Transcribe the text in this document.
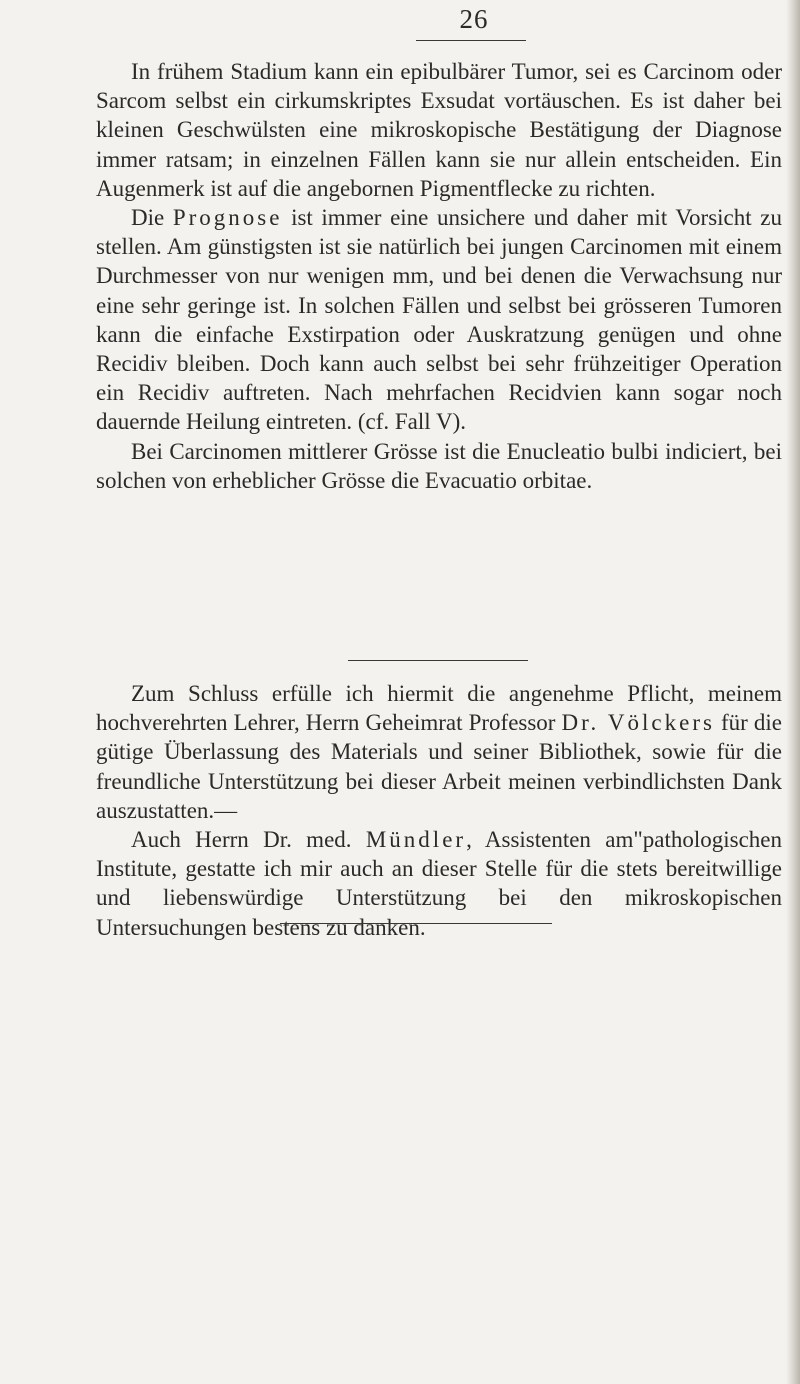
26

In frühem Stadium kann ein epibulbärer Tumor, sei es Carcinom oder Sarcom selbst ein cirkumskriptes Exsudat vortäuschen. Es ist daher bei kleinen Geschwülsten eine mikroskopische Bestätigung der Diagnose immer ratsam; in einzelnen Fällen kann sie nur allein entscheiden. Ein Augenmerk ist auf die angebornen Pigmentflecke zu richten.

Die Prognose ist immer eine unsichere und daher mit Vorsicht zu stellen. Am günstigsten ist sie natürlich bei jungen Carcinomen mit einem Durchmesser von nur wenigen mm, und bei denen die Verwachsung nur eine sehr geringe ist. In solchen Fällen und selbst bei grösseren Tumoren kann die einfache Exstirpation oder Auskratzung genügen und ohne Recidiv bleiben. Doch kann auch selbst bei sehr frühzeitiger Operation ein Recidiv auftreten. Nach mehrfachen Recidvien kann sogar noch dauernde Heilung eintreten. (cf. Fall V).

Bei Carcinomen mittlerer Grösse ist die Enucleatio bulbi indiciert, bei solchen von erheblicher Grösse die Evacuatio orbitae.

Zum Schluss erfülle ich hiermit die angenehme Pflicht, meinem hochverehrten Lehrer, Herrn Geheimrat Professor Dr. Völckers für die gütige Überlassung des Materials und seiner Bibliothek, sowie für die freundliche Unterstützung bei dieser Arbeit meinen verbindlichsten Dank auszustatten.—

Auch Herrn Dr. med. Mündler, Assistenten am"pathologischen Institute, gestatte ich mir auch an dieser Stelle für die stets bereitwillige und liebenswürdige Unterstützung bei den mikroskopischen Untersuchungen bestens zu danken.
